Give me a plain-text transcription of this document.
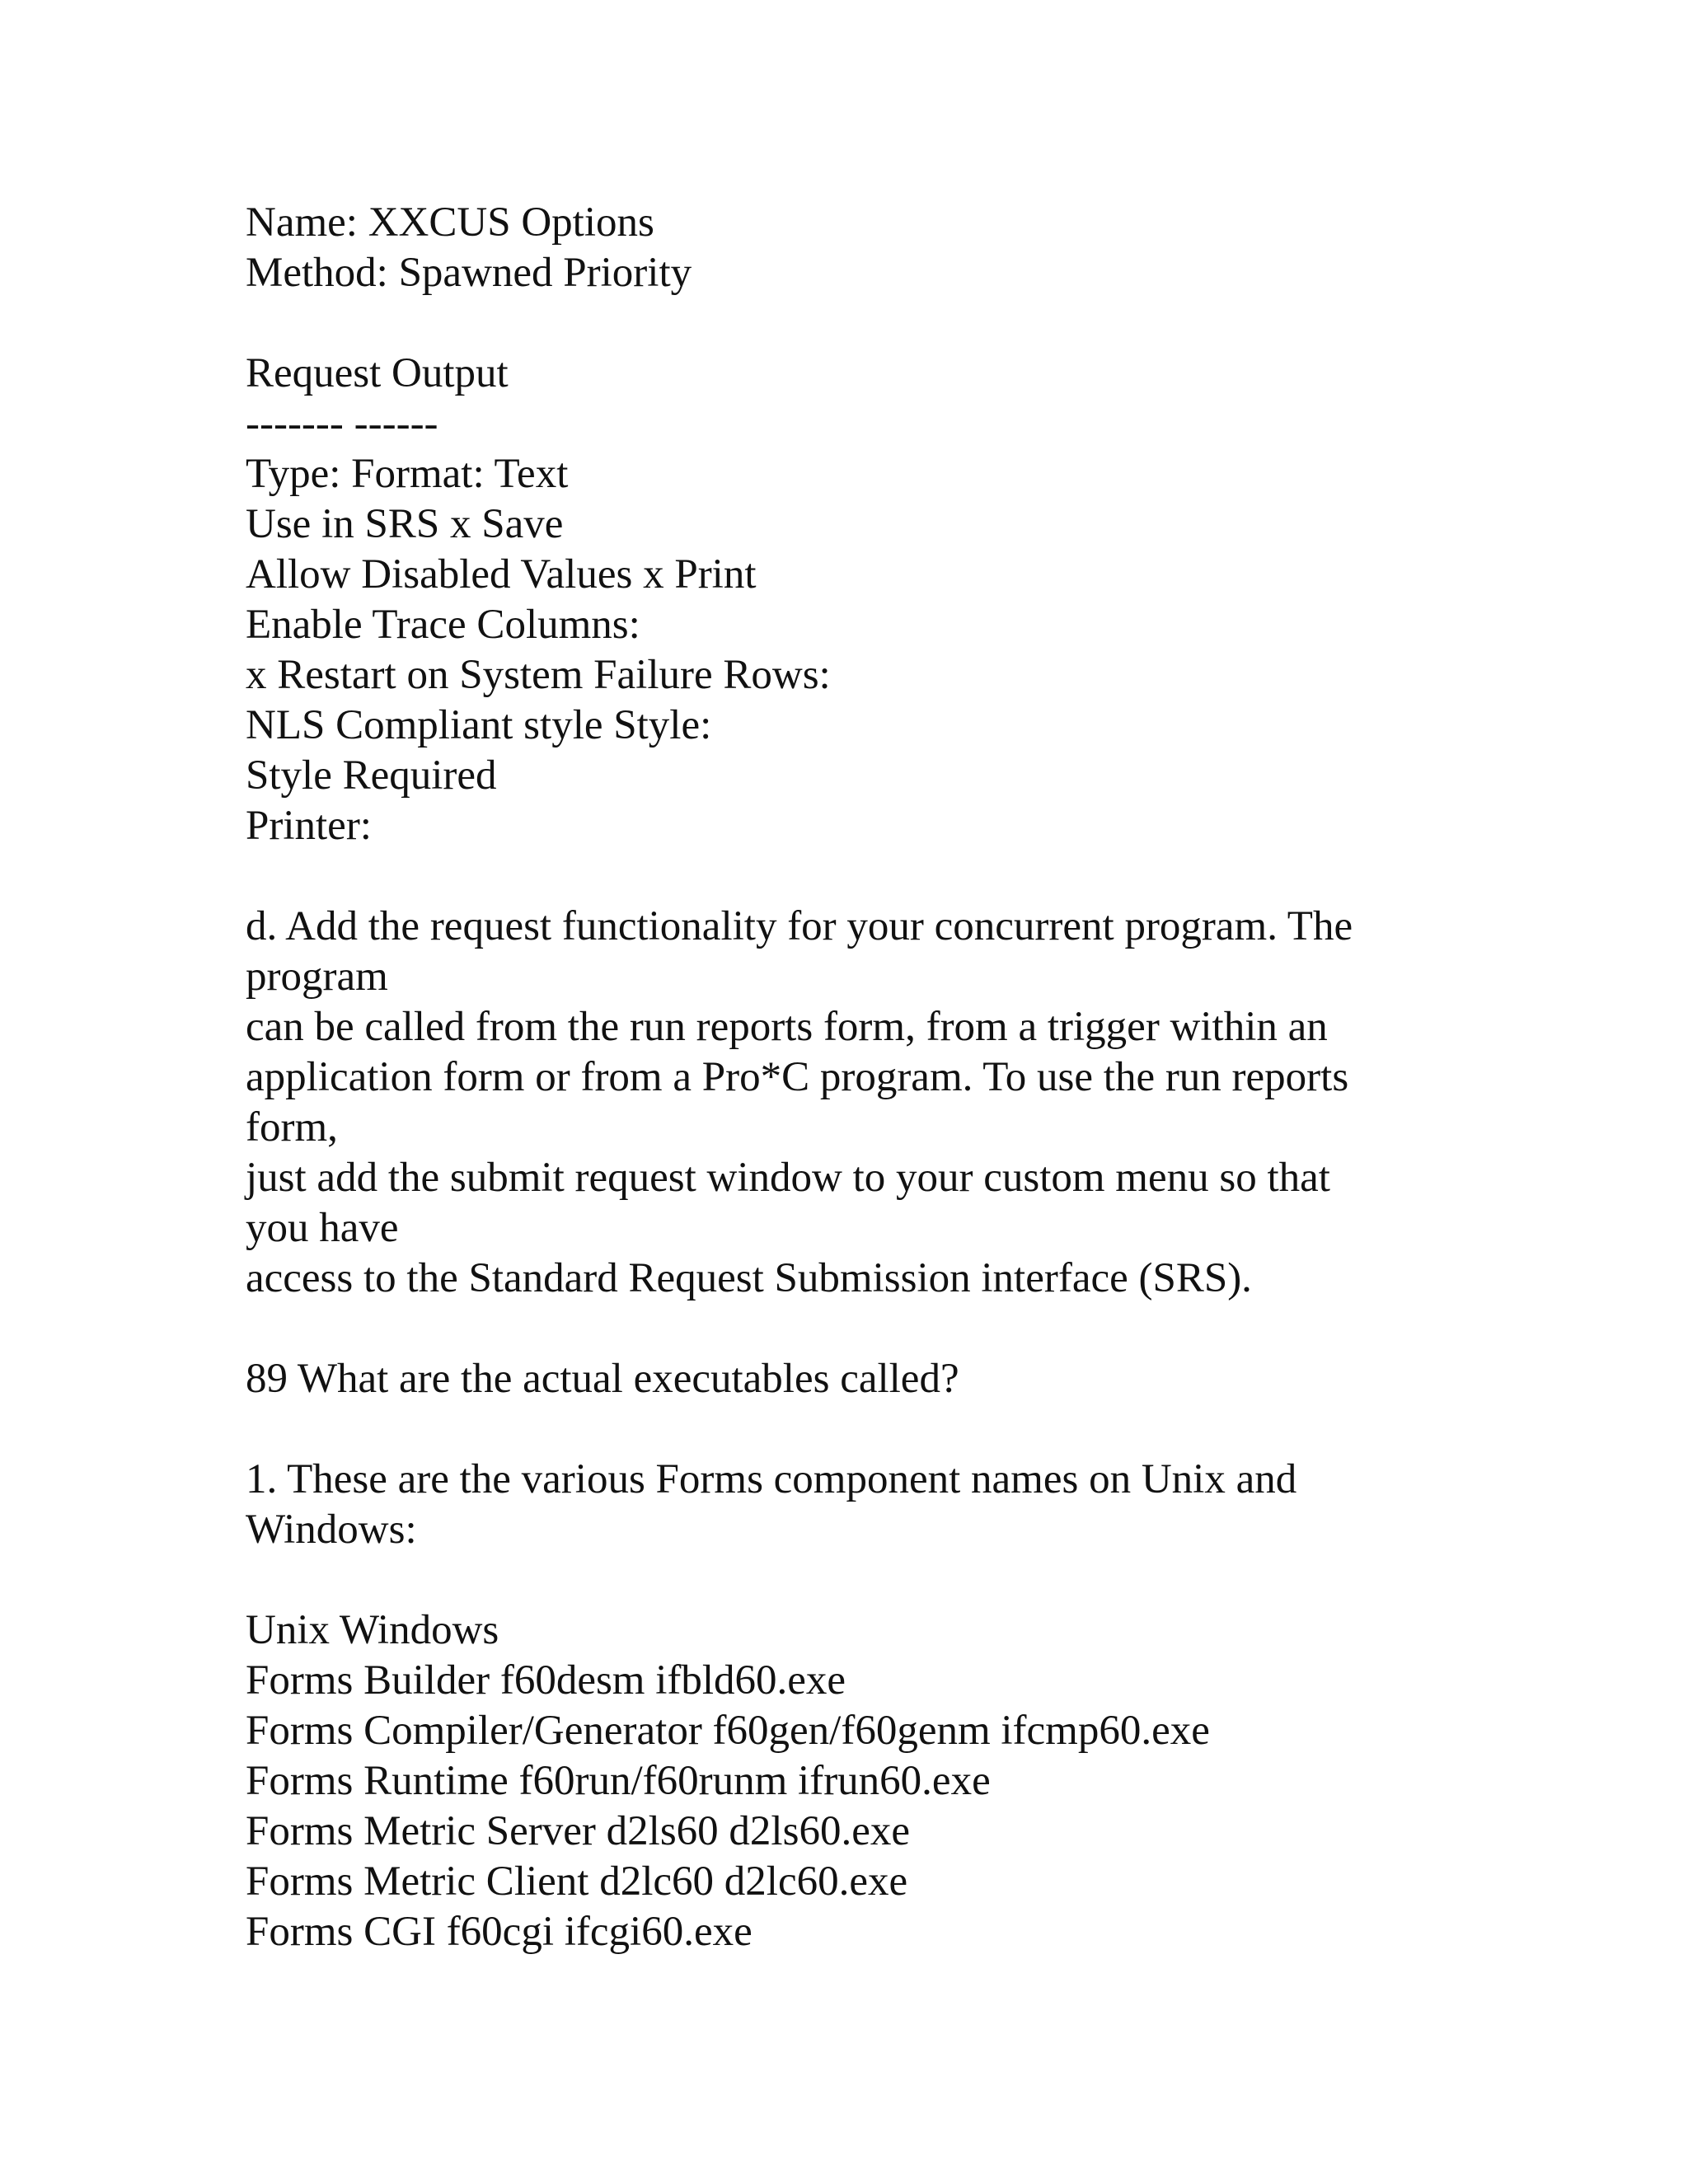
Name: XXCUS Options
Method: Spawned Priority
Request Output
------- ------
Type: Format: Text
Use in SRS x Save
Allow Disabled Values x Print
Enable Trace Columns:
x Restart on System Failure Rows:
NLS Compliant style Style:
Style Required
Printer:
d. Add the request functionality for your concurrent program. The
program
can be called from the run reports form, from a trigger within an
application form or from a Pro*C program. To use the run reports
form,
just add the submit request window to your custom menu so that
you have
access to the Standard Request Submission interface (SRS).
89 What are the actual executables called?
1. These are the various Forms component names on Unix and
Windows:
Unix Windows
Forms Builder f60desm ifbld60.exe
Forms Compiler/Generator f60gen/f60genm ifcmp60.exe
Forms Runtime f60run/f60runm ifrun60.exe
Forms Metric Server d2ls60 d2ls60.exe
Forms Metric Client d2lc60 d2lc60.exe
Forms CGI f60cgi ifcgi60.exe
